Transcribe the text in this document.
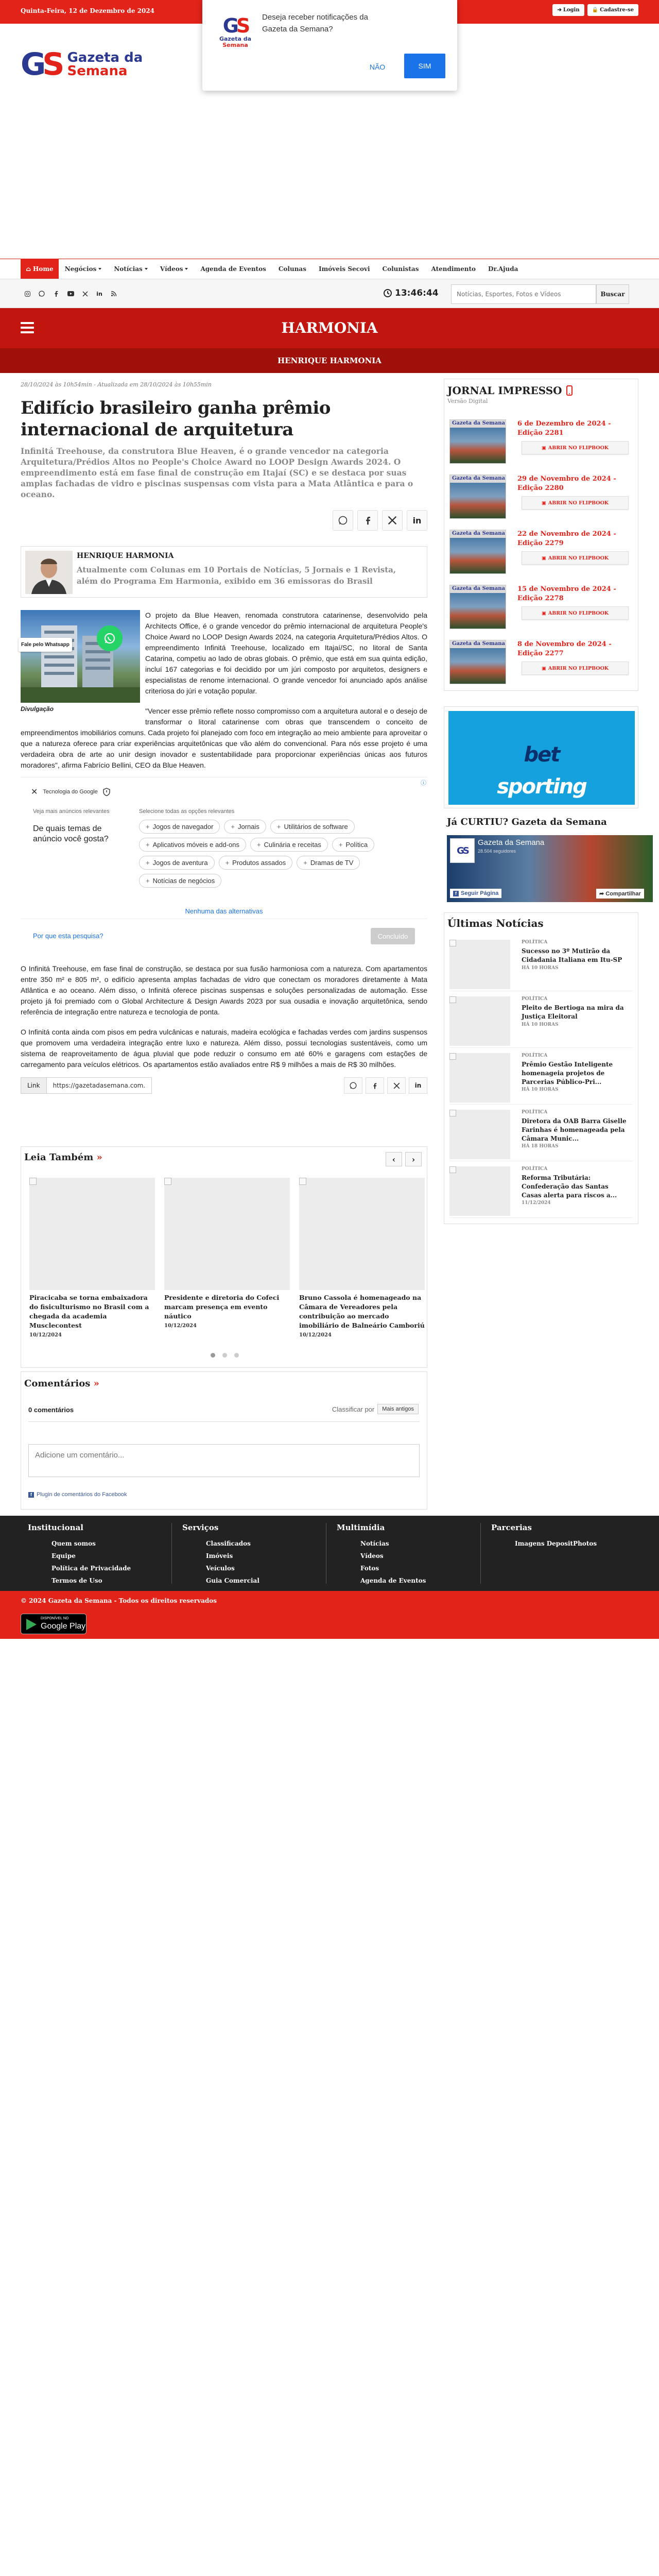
Quinta-Feira, 12 de Dezembro de 2024	➔ Login 🔒 Cadastre-se
GS Gazeta da
Semana
GS
Gazeta da
Semana
Deseja receber notificações da Gazeta da Semana?
NÃO	SIM
⌂ Home Negócios	Notícias	Vídeos	Agenda de Eventos	Colunas	Imóveis Secovi	Colunistas	Atendimento	Dr.Ajuda
in	13:46:44
Notícias, Esportes, Fotos e Vídeos	Buscar
HARMONIA
HENRIQUE HARMONIA
28/10/2024 às 10h54min - Atualizada em 28/10/2024 às 10h55min
Edifício brasileiro ganha prêmio internacional de arquitetura
Infinitá Treehouse, da construtora Blue Heaven, é o grande vencedor na categoria Arquitetura/Prédios Altos no People's Choice Award no LOOP Design Awards 2024. O empreendimento está em fase final de construção em Itajaí (SC) e se destaca por suas amplas fachadas de vidro e piscinas suspensas com vista para a Mata Atlântica e para o oceano.
in
HENRIQUE HARMONIA
Atualmente com Colunas em 10 Portais de Notícias, 5 Jornais e 1 Revista, além do Programa Em Harmonia, exibido em 36 emissoras do Brasil
Fale pelo Whatsapp
Divulgação

O projeto da Blue Heaven, renomada construtora catarinense, desenvolvido pela Architects Office, é o grande vencedor do prêmio internacional de arquitetura People's Choice Award no LOOP Design Awards 2024, na categoria Arquitetura/Prédios Altos. O empreendimento Infinitá Treehouse, localizado em Itajaí/SC, no litoral de Santa Catarina, competiu ao lado de obras globais. O prêmio, que está em sua quinta edição, incluí 167 categorias e foi decidido por um júri composto por arquitetos, designers e especialistas de renome internacional. O grande vencedor foi anunciado após análise criteriosa do júri e votação popular.

"Vencer esse prêmio reflete nosso compromisso com a arquitetura autoral e o desejo de transformar o litoral catarinense com obras que transcendem o conceito de empreendimentos imobiliários comuns. Cada projeto foi planejado com foco em integração ao meio ambiente para aproveitar o que a natureza oferece para criar experiências arquitetônicas que vão além do convencional. Para nós esse projeto é uma verdadeira obra de arte ao unir design inovador e sustentabilidade para proporcionar experiências únicas aos futuros moradores", afirma Fabrício Bellini, CEO da Blue Heaven.

ⓘ
✕ Tecnologia do Google
Veja mais anúncios relevantes	Selecione todas as opções relevantes
De quais temas de anúncio você gosta?
+ Jogos de navegador	+ Jornais	+ Utilitários de software
+ Aplicativos móveis e add-ons	+ Culinária e receitas	+ Política
+ Jogos de aventura	+ Produtos assados	+ Dramas de TV
+ Notícias de negócios
Nenhuma das alternativas
Por que esta pesquisa?	Concluído

O Infinitá Treehouse, em fase final de construção, se destaca por sua fusão harmoniosa com a natureza. Com apartamentos entre 350 m² e 805 m², o edifício apresenta amplas fachadas de vidro que conectam os moradores diretamente à Mata Atlântica e ao oceano. Além disso, o Infinitá oferece piscinas suspensas e soluções personalizadas de automação. Esse projeto já foi premiado com o Global Architecture & Design Awards 2023 por sua ousadia e inovação arquitetônica, sendo referência de integração entre natureza e tecnologia de ponta.

O Infinitá conta ainda com pisos em pedra vulcânicas e naturais, madeira ecológica e fachadas verdes com jardins suspensos que promovem uma verdadeira integração entre luxo e natureza. Além disso, possui tecnologias sustentáveis, como um sistema de reaproveitamento de água pluvial que pode reduzir o consumo em até 60% e garagens com estações de carregamento para veículos elétricos. Os apartamentos estão avaliados entre R$ 9 milhões a mais de R$ 30 milhões.

Link	https://gazetadasemana.com.	in
Leia Também »	‹	›
Piracicaba se torna embaixadora do fisiculturismo no Brasil com a chegada da academia Musclecontest
10/12/2024
Presidente e diretoria do Cofeci marcam presença em evento náutico
10/12/2024
Bruno Cassola é homenageado na Câmara de Vereadores pela contribuição ao mercado imobiliário de Balneário Camboriú
10/12/2024
Comentários »
0 comentários	Classificar por	Mais antigos
Adicione um comentário...
f Plugin de comentários do Facebook
JORNAL IMPRESSO
Versão Digital
Gazeta da Semana 6 de Dezembro de 2024 - Edição 2281
▣ ABRIR NO FLIPBOOK
Gazeta da Semana 29 de Novembro de 2024 - Edição 2280
▣ ABRIR NO FLIPBOOK
Gazeta da Semana 22 de Novembro de 2024 - Edição 2279
▣ ABRIR NO FLIPBOOK
Gazeta da Semana 15 de Novembro de 2024 - Edição 2278
▣ ABRIR NO FLIPBOOK
Gazeta da Semana 8 de Novembro de 2024 - Edição 2277
▣ ABRIR NO FLIPBOOK
sporting
bet
Já CURTIU? Gazeta da Semana
GS
Gazeta da Semana
28.504 seguidores
f Seguir Página	➦ Compartilhar
Últimas Notícias
POLÍTICA
Sucesso no 3º Mutirão da Cidadania Italiana em Itu-SP
HÁ 10 HORAS
POLÍTICA
Pleito de Bertioga na mira da Justiça Eleitoral
HÁ 10 HORAS
POLÍTICA
Prêmio Gestão Inteligente homenageia projetos de Parcerias Público-Pri...
HÁ 10 HORAS
POLÍTICA
Diretora da OAB Barra Giselle Farinhas é homenageada pela Câmara Munic...
HÁ 18 HORAS
POLÍTICA
Reforma Tributária: Confederação das Santas Casas alerta para riscos a...
11/12/2024
Institucional
Quem somos
Equipe
Política de Privacidade
Termos de Uso
Serviços
Classificados
Imóveis
Veículos
Guia Comercial
Multimídia
Notícias
Vídeos
Fotos
Agenda de Eventos
Parcerias
Imagens DepositPhotos
© 2024 Gazeta da Semana - Todos os direitos reservados
DISPONÍVEL NO
Google Play
